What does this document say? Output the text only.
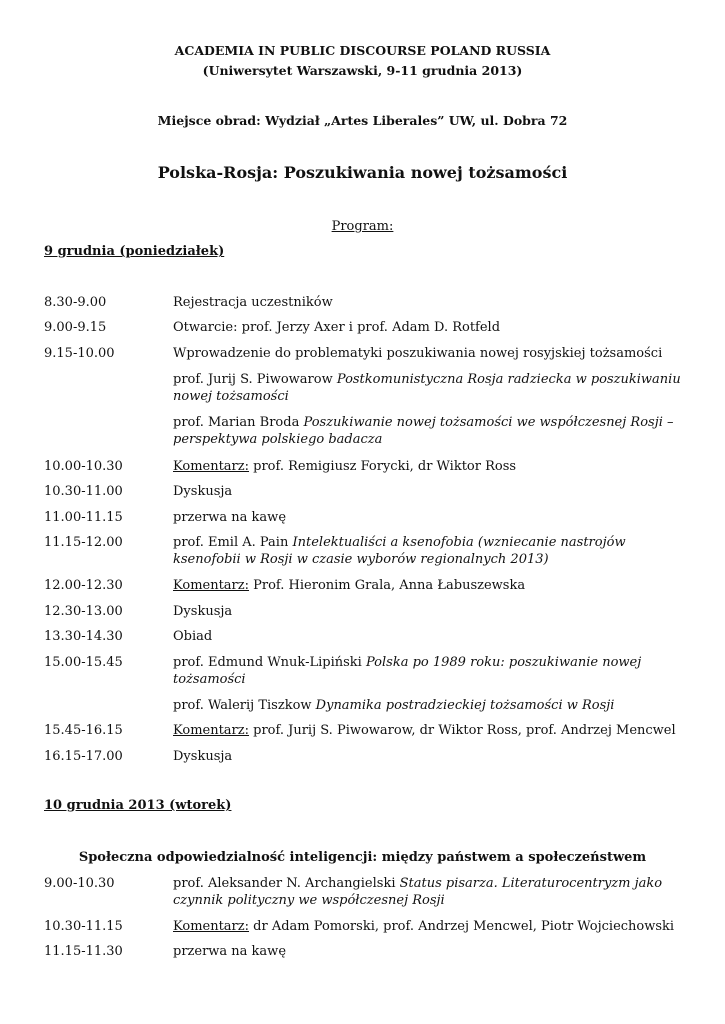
ACADEMIA IN PUBLIC DISCOURSE POLAND RUSSIA
(Uniwersytet Warszawski, 9-11 grudnia 2013)
Miejsce obrad: Wydział „Artes Liberales” UW, ul. Dobra 72
Polska-Rosja: Poszukiwania nowej tożsamości
Program:
9 grudnia (poniedziałek)
8.30-9.00	Rejestracja uczestników
9.00-9.15	Otwarcie: prof. Jerzy Axer i prof. Adam D. Rotfeld
9.15-10.00	Wprowadzenie do problematyki poszukiwania nowej rosyjskiej tożsamości
prof. Jurij S. Piwowarow Postkomunistyczna Rosja radziecka w poszukiwaniu nowej tożsamości
prof. Marian Broda Poszukiwanie nowej tożsamości we współczesnej Rosji – perspektywa polskiego badacza
10.00-10.30	Komentarz: prof. Remigiusz Forycki, dr Wiktor Ross
10.30-11.00	Dyskusja
11.00-11.15	przerwa na kawę
11.15-12.00	prof. Emil A. Pain Intelektualiści a ksenofobia (wzniecanie nastrojów ksenofobii w Rosji w czasie wyborów regionalnych 2013)
12.00-12.30	Komentarz: Prof. Hieronim Grala, Anna Łabuszewska
12.30-13.00	Dyskusja
13.30-14.30	Obiad
15.00-15.45	prof. Edmund Wnuk-Lipiński Polska po 1989 roku: poszukiwanie nowej tożsamości
prof. Walerij Tiszkow Dynamika postradzieckiej tożsamości w Rosji
15.45-16.15	Komentarz: prof. Jurij S. Piwowarow, dr Wiktor Ross, prof. Andrzej Mencwel
16.15-17.00	Dyskusja
10 grudnia 2013 (wtorek)
Społeczna odpowiedzialność inteligencji: między państwem a społeczeństwem
9.00-10.30	prof. Aleksander N. Archangielski Status pisarza. Literaturocentryzm jako czynnik polityczny we współczesnej Rosji
10.30-11.15	Komentarz: dr Adam Pomorski, prof. Andrzej Mencwel, Piotr Wojciechowski
11.15-11.30	przerwa na kawę
